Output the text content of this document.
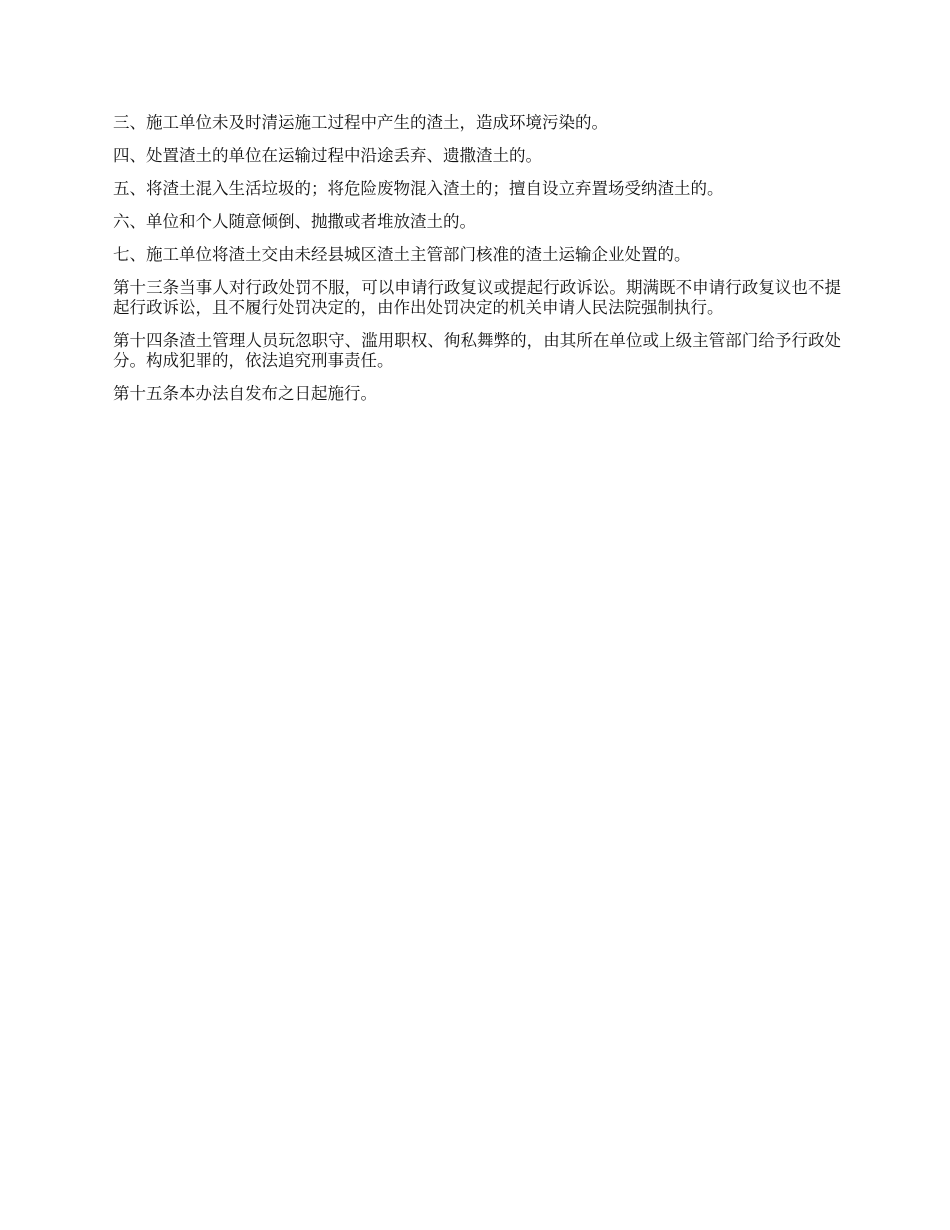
三、施工单位未及时清运施工过程中产生的渣土，造成环境污染的。

四、处置渣土的单位在运输过程中沿途丢弃、遗撒渣土的。

五、将渣土混入生活垃圾的；将危险废物混入渣土的；擅自设立弃置场受纳渣土的。

六、单位和个人随意倾倒、抛撒或者堆放渣土的。

七、施工单位将渣土交由未经县城区渣土主管部门核准的渣土运输企业处置的。

第十三条当事人对行政处罚不服，可以申请行政复议或提起行政诉讼。期满既不申请行政复议也不提起行政诉讼，且不履行处罚决定的，由作出处罚决定的机关申请人民法院强制执行。

第十四条渣土管理人员玩忽职守、滥用职权、徇私舞弊的，由其所在单位或上级主管部门给予行政处分。构成犯罪的，依法追究刑事责任。

第十五条本办法自发布之日起施行。
